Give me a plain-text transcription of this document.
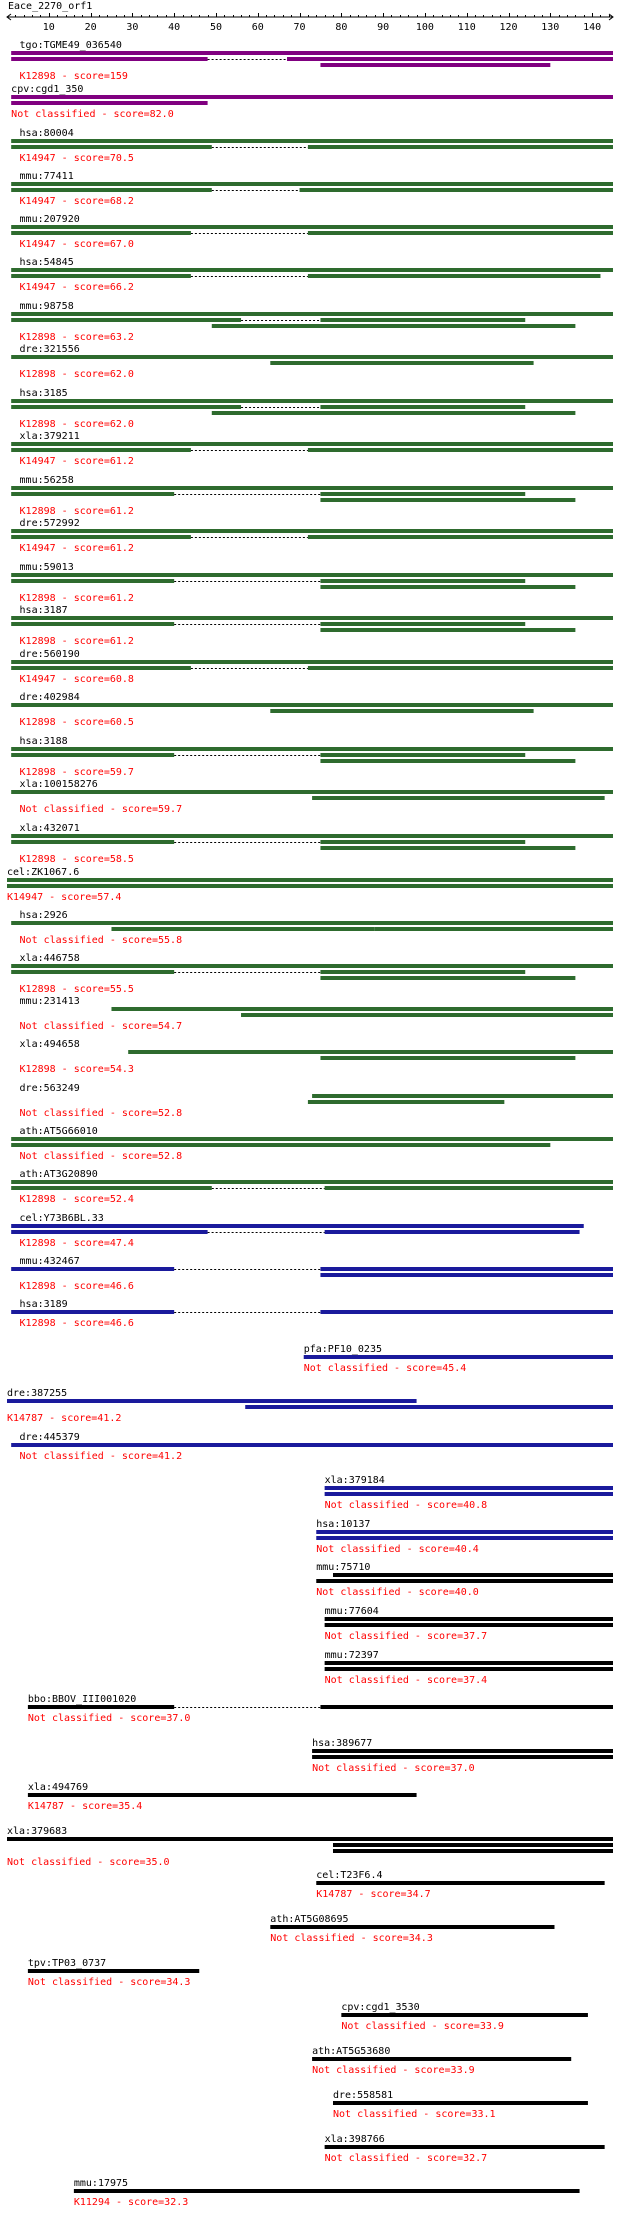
Eace_2270_orf1
10	20	30	40	50	60	70	80	90	100 110 120 130 140
tgo:TGME49_036540
K12898 - score=159
cpv:cgd1_350
Not classified - score=82.0
hsa:80004
K14947 - score=70.5
mmu:77411
K14947 - score=68.2
mmu:207920
K14947 - score=67.0
hsa:54845
K14947 - score=66.2
mmu:98758
K12898 - score=63.2
dre:321556
K12898 - score=62.0
hsa:3185
K12898 - score=62.0
xla:379211
K14947 - score=61.2
mmu:56258
K12898 - score=61.2
dre:572992
K14947 - score=61.2
mmu:59013
K12898 - score=61.2
hsa:3187
K12898 - score=61.2
dre:560190
K14947 - score=60.8
dre:402984
K12898 - score=60.5
hsa:3188
K12898 - score=59.7
xla:100158276
Not classified - score=59.7
xla:432071
K12898 - score=58.5
cel:ZK1067.6
K14947 - score=57.4
hsa:2926
Not classified - score=55.8
xla:446758
K12898 - score=55.5
mmu:231413
Not classified - score=54.7
xla:494658
K12898 - score=54.3
dre:563249
Not classified - score=52.8
ath:AT5G66010
Not classified - score=52.8
ath:AT3G20890
K12898 - score=52.4
cel:Y73B6BL.33
K12898 - score=47.4
mmu:432467
K12898 - score=46.6
hsa:3189
K12898 - score=46.6
pfa:PF10_0235
Not classified - score=45.4
dre:387255
K14787 - score=41.2
dre:445379
Not classified - score=41.2
xla:379184
Not classified - score=40.8
hsa:10137
Not classified - score=40.4
mmu:75710
Not classified - score=40.0
mmu:77604
Not classified - score=37.7
mmu:72397
Not classified - score=37.4
bbo:BBOV_III001020
Not classified - score=37.0
hsa:389677
Not classified - score=37.0
xla:494769
K14787 - score=35.4
xla:379683
Not classified - score=35.0
cel:T23F6.4
K14787 - score=34.7
ath:AT5G08695
Not classified - score=34.3
tpv:TP03_0737
Not classified - score=34.3
cpv:cgd1_3530
Not classified - score=33.9
ath:AT5G53680
Not classified - score=33.9
dre:558581
Not classified - score=33.1
xla:398766
Not classified - score=32.7
mmu:17975
K11294 - score=32.3
